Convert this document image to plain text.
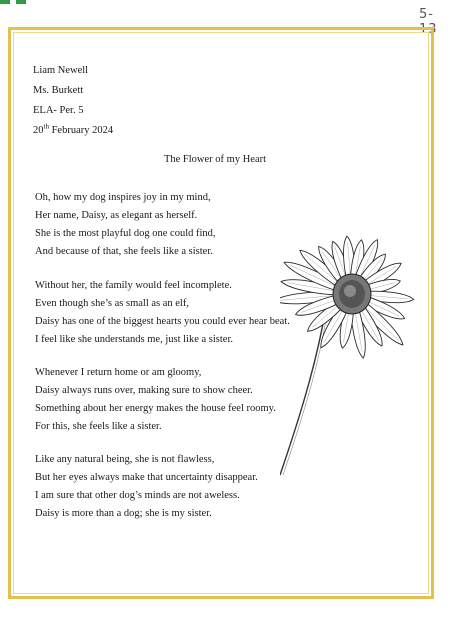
5-13
Liam Newell
Ms. Burkett
ELA- Per. 5
20th February 2024
The Flower of my Heart
Oh, how my dog inspires joy in my mind,
Her name, Daisy, as elegant as herself.
She is the most playful dog one could find,
And because of that, she feels like a sister.
Without her, the family would feel incomplete.
Even though she’s as small as an elf,
Daisy has one of the biggest hearts you could ever hear beat.
I feel like she understands me, just like a sister.
Whenever I return home or am gloomy,
Daisy always runs over, making sure to show cheer.
Something about her energy makes the house feel roomy.
For this, she feels like a sister.
Like any natural being, she is not flawless,
But her eyes always make that uncertainty disappear.
I am sure that other dog’s minds are not aweless.
Daisy is more than a dog; she is my sister.
